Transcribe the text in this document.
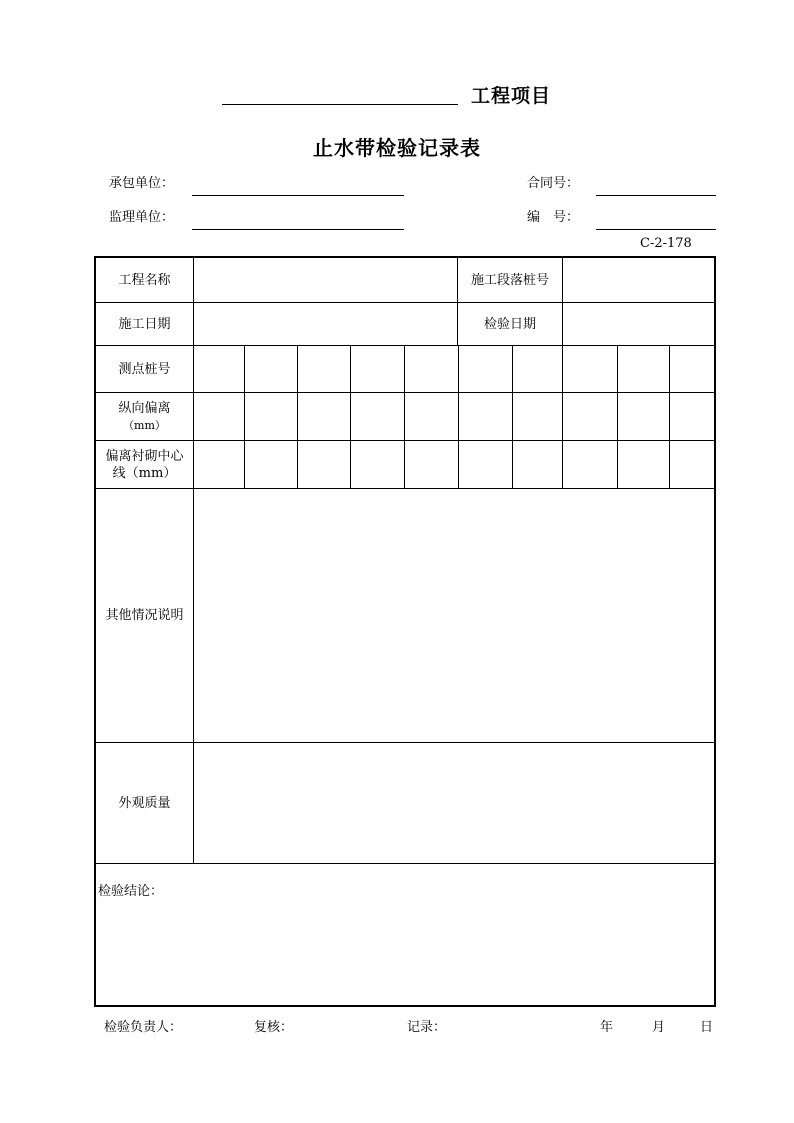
工程项目
止水带检验记录表
承包单位：	合同号：
监理单位：	编　号：
C-2-178
工程名称	施工段落桩号
施工日期	检验日期
测点桩号
纵向偏离
（mm）
偏离衬砌中心
线（mm）
其他情况说明
外观质量
检验结论：
检验负责人：	复核：	记录：	年	月	日
